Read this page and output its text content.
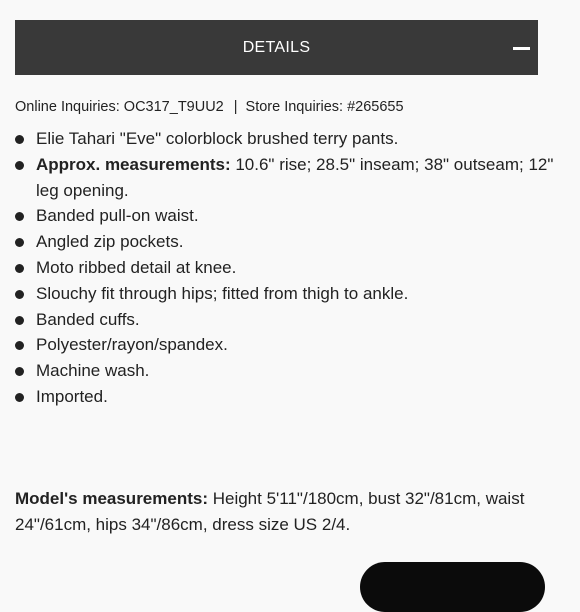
DETAILS
Online Inquiries: OC317_T9UU2 | Store Inquiries: #265655
Elie Tahari "Eve" colorblock brushed terry pants.
Approx. measurements: 10.6" rise; 28.5" inseam; 38" outseam; 12" leg opening.
Banded pull-on waist.
Angled zip pockets.
Moto ribbed detail at knee.
Slouchy fit through hips; fitted from thigh to ankle.
Banded cuffs.
Polyester/rayon/spandex.
Machine wash.
Imported.
Model's measurements: Height 5'11"/180cm, bust 32"/81cm, waist 24"/61cm, hips 34"/86cm, dress size US 2/4.
